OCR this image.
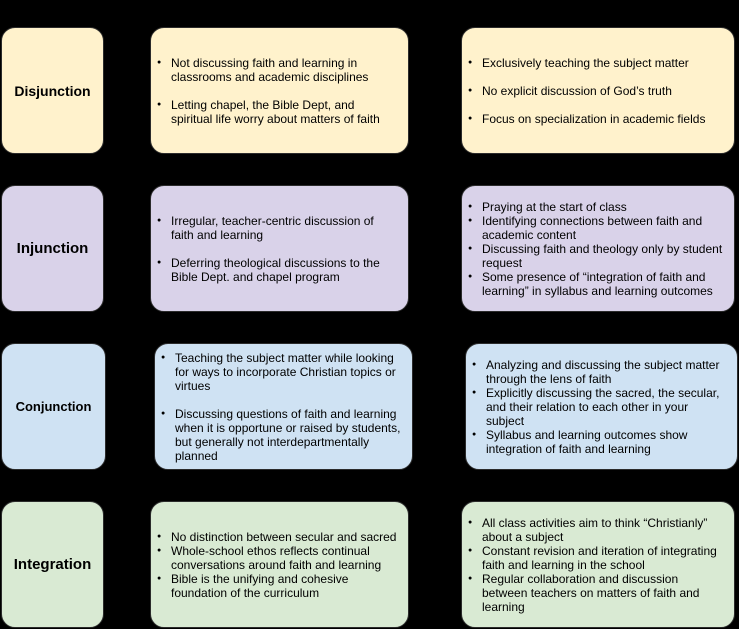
Disjunction
● Not discussing faith and learning in classrooms and academic disciplines
● Letting chapel, the Bible Dept, and spiritual life worry about matters of faith
● Exclusively teaching the subject matter
● No explicit discussion of God’s truth
● Focus on specialization in academic fields
Injunction
● Irregular, teacher-centric discussion of faith and learning
● Deferring theological discussions to the Bible Dept. and chapel program
● Praying at the start of class
● Identifying connections between faith and academic content
● Discussing faith and theology only by student request
● Some presence of “integration of faith and learning” in syllabus and learning outcomes
Conjunction
● Teaching the subject matter while looking for ways to incorporate Christian topics or virtues
● Discussing questions of faith and learning when it is opportune or raised by students, but generally not interdepartmentally planned
● Analyzing and discussing the subject matter through the lens of faith
● Explicitly discussing the sacred, the secular, and their relation to each other in your subject
● Syllabus and learning outcomes show integration of faith and learning
Integration
● No distinction between secular and sacred
● Whole-school ethos reflects continual conversations around faith and learning
● Bible is the unifying and cohesive foundation of the curriculum
● All class activities aim to think “Christianly” about a subject
● Constant revision and iteration of integrating faith and learning in the school
● Regular collaboration and discussion between teachers on matters of faith and learning
